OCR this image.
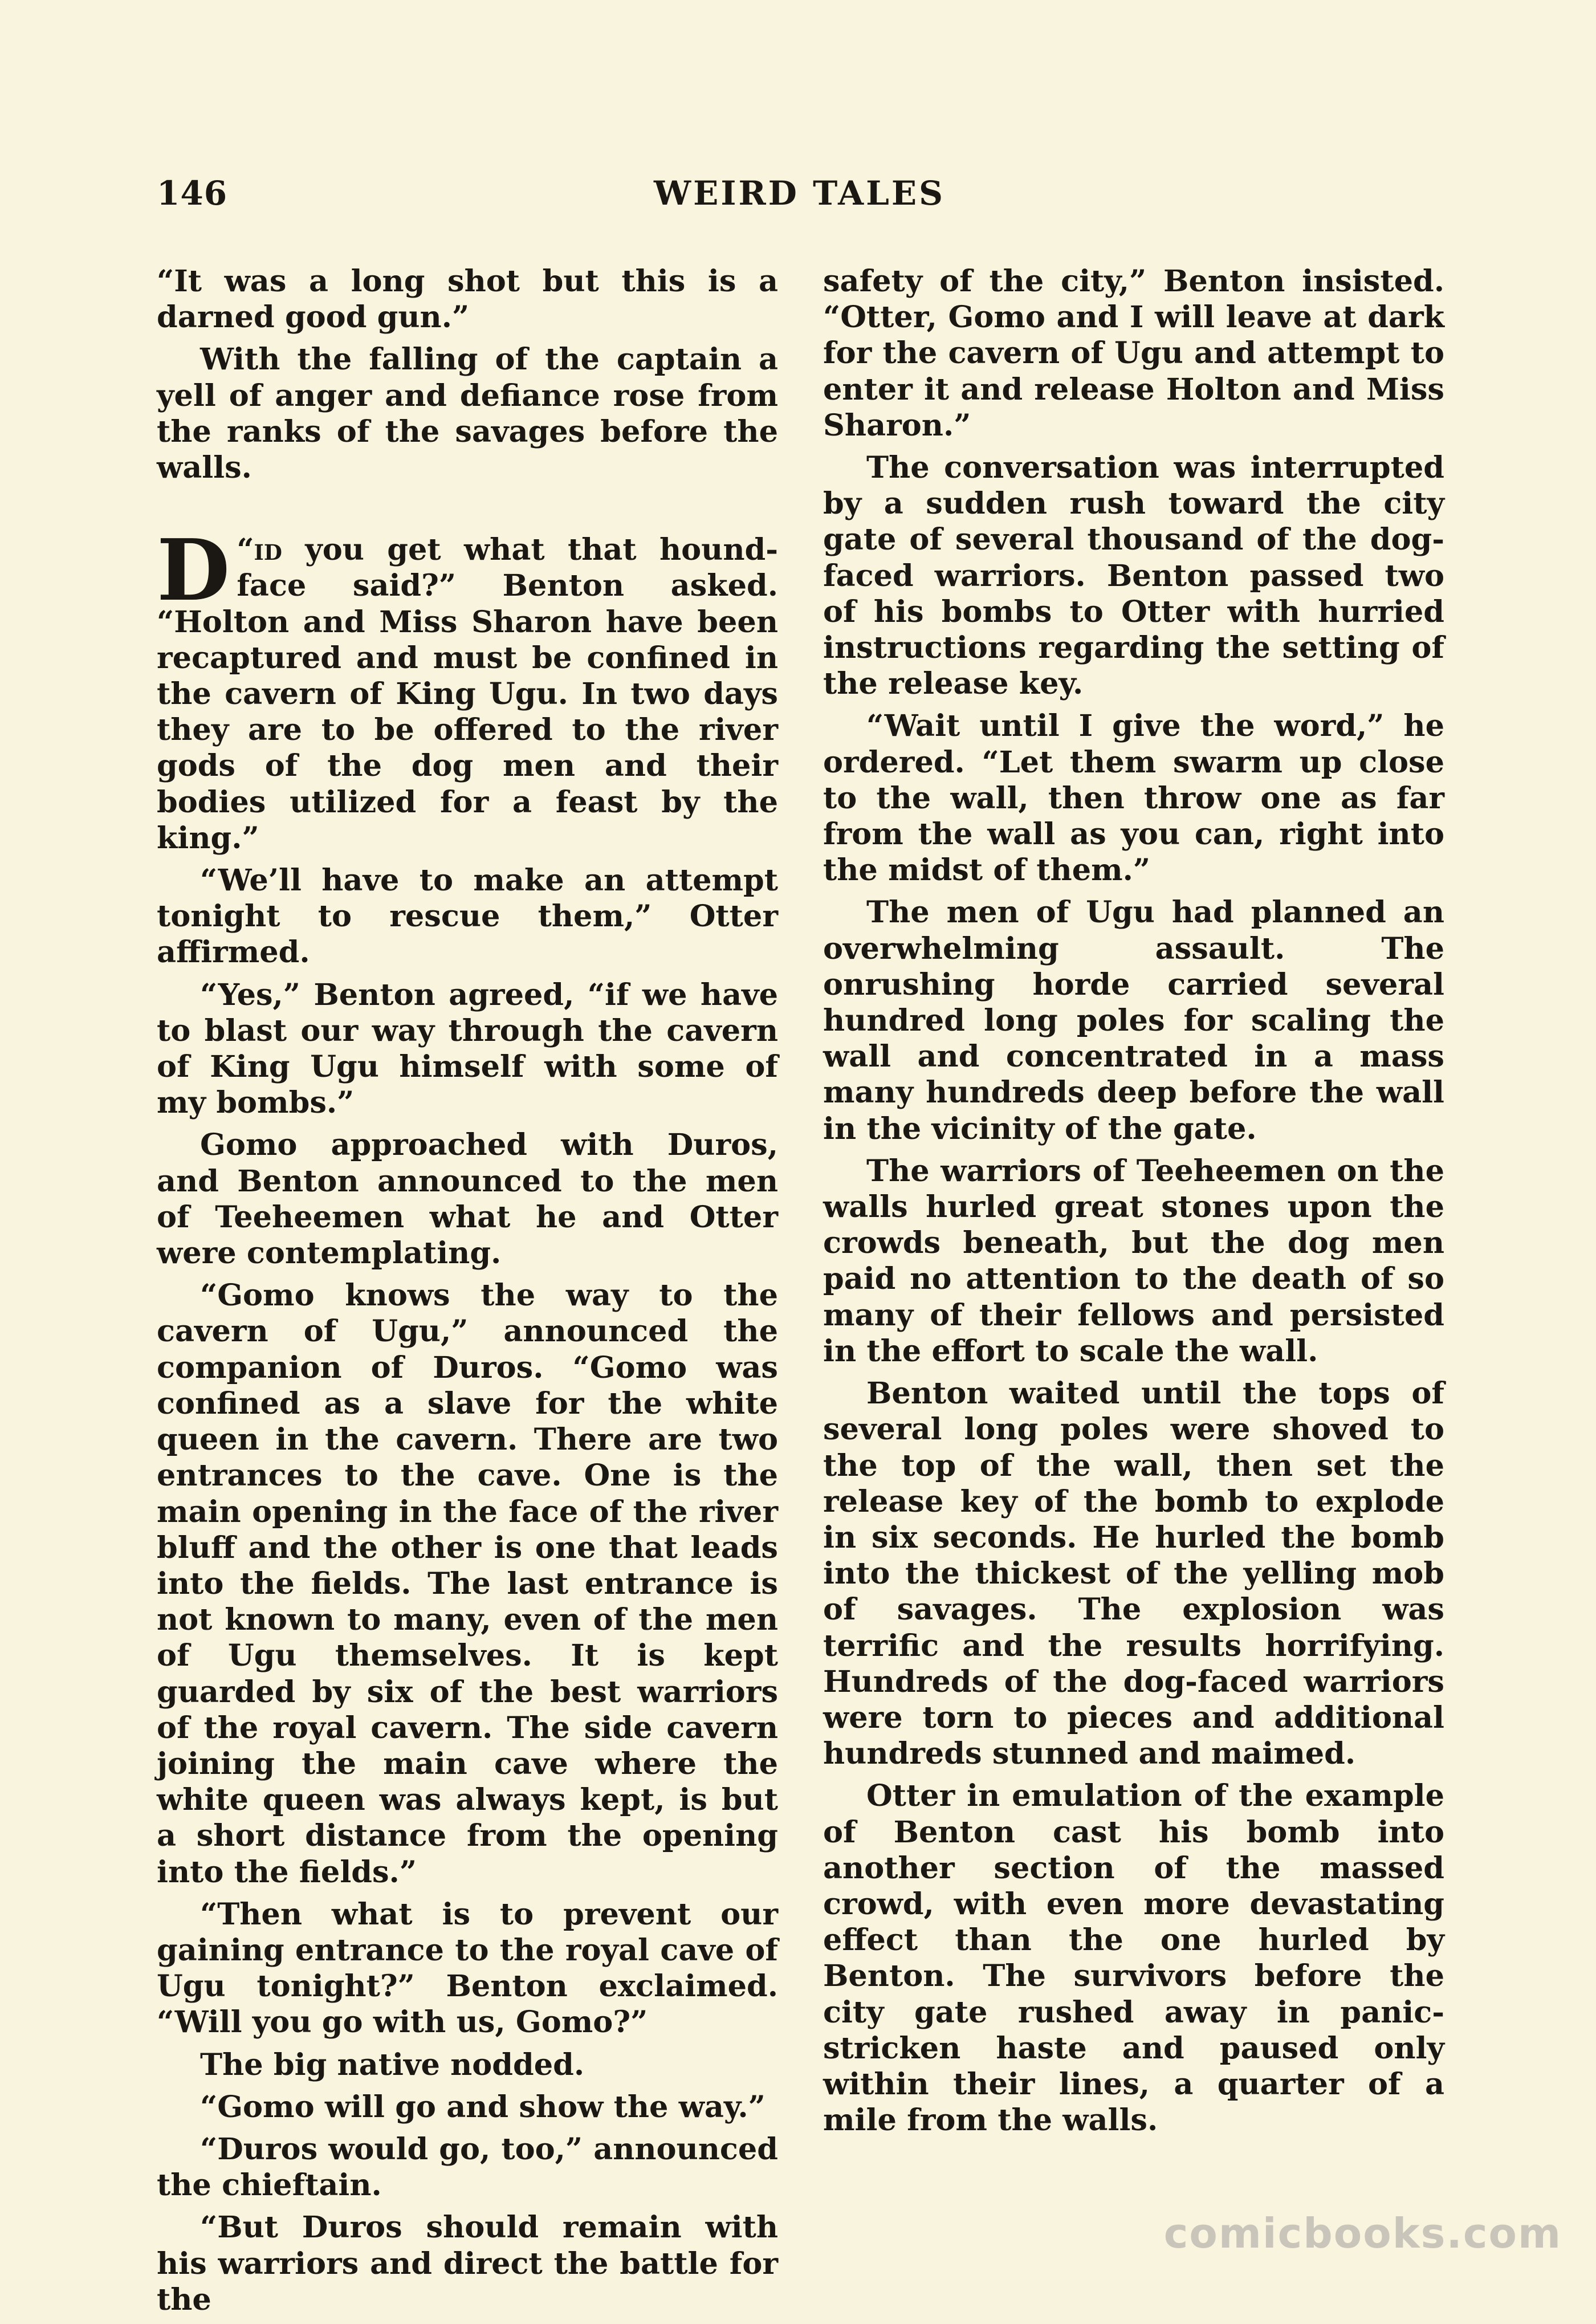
146	WEIRD TALES

“It was a long shot but this is a darned good gun.”

With the falling of the captain a yell of anger and defiance rose from the ranks of the savages before the walls.

“
D id you get what that hound-face said?” Benton asked. “Holton and Miss Sharon have been recaptured and must be confined in the cavern of King Ugu. In two days they are to be offered to the river gods of the dog men and their bodies utilized for a feast by the king.”

“We’ll have to make an attempt tonight to rescue them,” Otter affirmed.

“Yes,” Benton agreed, “if we have to blast our way through the cavern of King Ugu himself with some of my bombs.”

Gomo approached with Duros, and Benton announced to the men of Teeheemen what he and Otter were contemplating.

“Gomo knows the way to the cavern of Ugu,” announced the companion of Duros. “Gomo was confined as a slave for the white queen in the cavern. There are two entrances to the cave. One is the main opening in the face of the river bluff and the other is one that leads into the fields. The last entrance is not known to many, even of the men of Ugu themselves. It is kept guarded by six of the best warriors of the royal cavern. The side cavern joining the main cave where the white queen was always kept, is but a short distance from the opening into the fields.”

“Then what is to prevent our gaining entrance to the royal cave of Ugu tonight?” Benton exclaimed. “Will you go with us, Gomo?”

The big native nodded.

“Gomo will go and show the way.”

“Duros would go, too,” announced the chieftain.

“But Duros should remain with his warriors and direct the battle for the

safety of the city,” Benton insisted. “Otter, Gomo and I will leave at dark for the cavern of Ugu and attempt to enter it and release Holton and Miss Sharon.”

The conversation was interrupted by a sudden rush toward the city gate of several thousand of the dog-faced warriors. Benton passed two of his bombs to Otter with hurried instructions regarding the setting of the release key.

“Wait until I give the word,” he ordered. “Let them swarm up close to the wall, then throw one as far from the wall as you can, right into the midst of them.”

The men of Ugu had planned an overwhelming assault. The onrushing horde carried several hundred long poles for scaling the wall and concentrated in a mass many hundreds deep before the wall in the vicinity of the gate.

The warriors of Teeheemen on the walls hurled great stones upon the crowds beneath, but the dog men paid no attention to the death of so many of their fellows and persisted in the effort to scale the wall.

Benton waited until the tops of several long poles were shoved to the top of the wall, then set the release key of the bomb to explode in six seconds. He hurled the bomb into the thickest of the yelling mob of savages. The explosion was terrific and the results horrifying. Hundreds of the dog-faced warriors were torn to pieces and additional hundreds stunned and maimed.

Otter in emulation of the example of Benton cast his bomb into another section of the massed crowd, with even more devastating effect than the one hurled by Benton. The survivors before the city gate rushed away in panic-stricken haste and paused only within their lines, a quarter of a mile from the walls.

comicbooks.com
